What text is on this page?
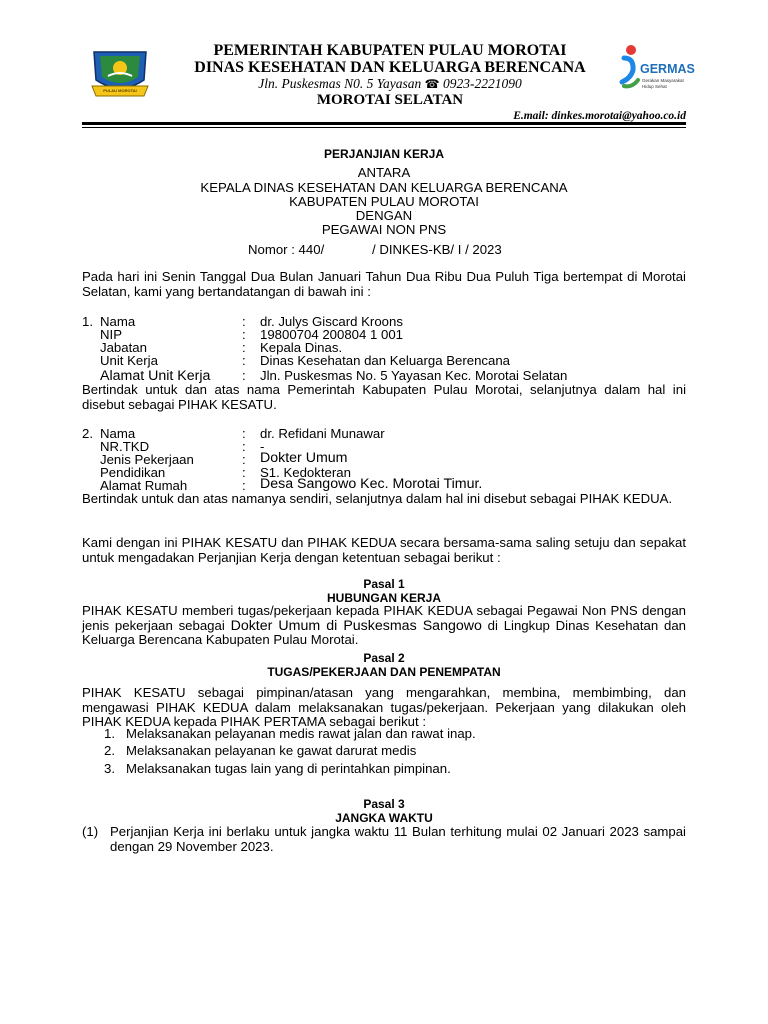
PULAU MOROTAI
PEMERINTAH KABUPATEN PULAU MOROTAI
DINAS KESEHATAN DAN KELUARGA BERENCANA
Jln. Puskesmas N0. 5 Yayasan ☎ 0923-2221090
MOROTAI SELATAN
E.mail: dinkes.morotai@yahoo.co.id
GERMAS
Gerakan Masyarakat Hidup Sehat
PERJANJIAN KERJA
ANTARA
KEPALA DINAS KESEHATAN DAN KELUARGA BERENCANA
KABUPATEN PULAU MOROTAI
DENGAN
PEGAWAI NON PNS
Nomor : 440/	/ DINKES-KB/ I / 2023
Pada hari ini Senin Tanggal Dua Bulan Januari Tahun Dua Ribu Dua Puluh Tiga bertempat di Morotai Selatan, kami yang bertandatangan di bawah ini :
1. Nama	: dr. Julys Giscard Kroons
NIP	: 19800704 200804 1 001
Jabatan	: Kepala Dinas.
Unit Kerja	: Dinas Kesehatan dan Keluarga Berencana
Alamat Unit Kerja : Jln. Puskesmas No. 5 Yayasan Kec. Morotai Selatan
Bertindak untuk dan atas nama Pemerintah Kabupaten Pulau Morotai, selanjutnya dalam hal ini disebut sebagai PIHAK KESATU.
2. Nama	: dr. Refidani Munawar
NR.TKD	: -
Jenis Pekerjaan	: Dokter Umum
Pendidikan	: S1. Kedokteran
Alamat Rumah	: Desa Sangowo Kec. Morotai Timur.
Bertindak untuk dan atas namanya sendiri, selanjutnya dalam hal ini disebut sebagai PIHAK KEDUA.
Kami dengan ini PIHAK KESATU dan PIHAK KEDUA secara bersama-sama saling setuju dan sepakat untuk mengadakan Perjanjian Kerja dengan ketentuan sebagai berikut :
Pasal 1
HUBUNGAN KERJA
PIHAK KESATU memberi tugas/pekerjaan kepada PIHAK KEDUA sebagai Pegawai Non PNS dengan jenis pekerjaan sebagai Dokter Umum di Puskesmas Sangowo di Lingkup Dinas Kesehatan dan Keluarga Berencana Kabupaten Pulau Morotai.
Pasal 2
TUGAS/PEKERJAAN DAN PENEMPATAN
PIHAK KESATU sebagai pimpinan/atasan yang mengarahkan, membina, membimbing, dan mengawasi PIHAK KEDUA dalam melaksanakan tugas/pekerjaan. Pekerjaan yang dilakukan oleh PIHAK KEDUA kepada PIHAK PERTAMA sebagai berikut :
1. Melaksanakan pelayanan medis rawat jalan dan rawat inap.
2. Melaksanakan pelayanan ke gawat darurat medis
3. Melaksanakan tugas lain yang di perintahkan pimpinan.
Pasal 3
JANGKA WAKTU
(1) Perjanjian Kerja ini berlaku untuk jangka waktu 11 Bulan terhitung mulai 02 Januari 2023 sampai dengan 29 November 2023.
